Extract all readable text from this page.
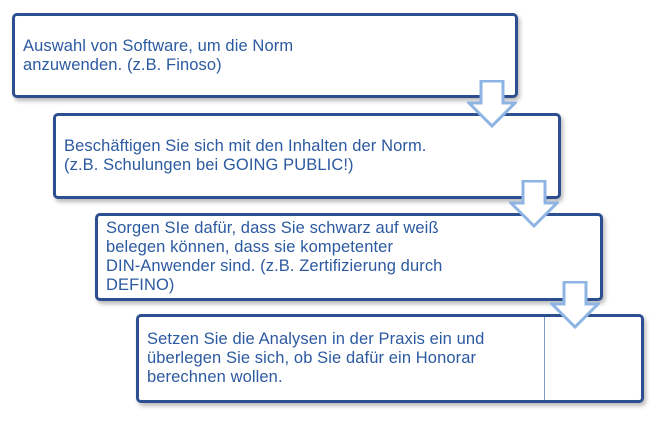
Auswahl von Software, um die Norm
anzuwenden. (z.B. Finoso)
Beschäftigen Sie sich mit den Inhalten der Norm.
(z.B. Schulungen bei GOING PUBLIC!)
Sorgen SIe dafür, dass Sie schwarz auf weiß
belegen können, dass sie kompetenter
DIN-Anwender sind. (z.B. Zertifizierung durch
DEFINO)
Setzen Sie die Analysen in der Praxis ein und
überlegen Sie sich, ob Sie dafür ein Honorar
berechnen wollen.
